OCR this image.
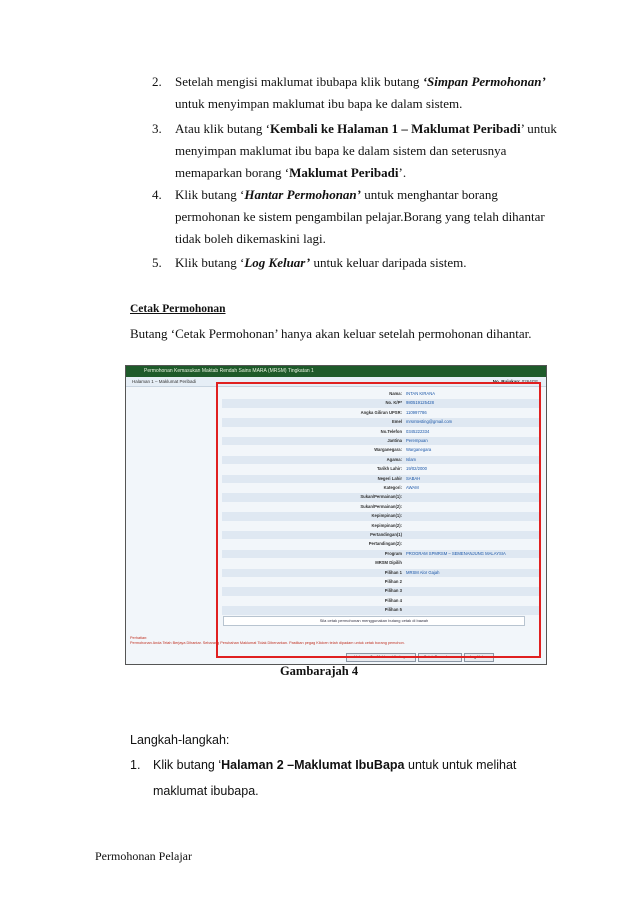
2. Setelah mengisi maklumat ibubapa klik butang ‘Simpan Permohonan’
untuk menyimpan maklumat ibu bapa ke dalam sistem.
3. Atau klik butang ‘Kembali ke Halaman 1 – Maklumat Peribadi’ untuk
menyimpan maklumat ibu bapa ke dalam sistem dan seterusnya
memaparkan borang ‘Maklumat Peribadi’.
4. Klik butang ‘Hantar Permohonan’ untuk menghantar borang
permohonan ke sistem pengambilan pelajar.Borang yang telah dihantar
tidak boleh dikemaskini lagi.
5. Klik butang ‘Log Keluar’ untuk keluar daripada sistem.
Cetak Permohonan
Butang ‘Cetak Permohonan’ hanya akan keluar setelah permohonan dihantar.
Permohonan Kemasukan Maktab Rendah Sains MARA (MRSM) Tingkatan 1
Halaman 1 – Maklumat Peribadi	No. Rujukan: 0264GF
Nama: INTAN KIRANA
No. K/P* 980519125428
Angka Giliran UPSR: 110997786
Emel mrsmtesting@gmail.com
No.Telefon 0345222334
Jantina Perempuan
Warganegara: Warganegara
Agama: Islam
Tarikh Lahir: 19/02/2000
Negeri Lahir SABAH
Kategori: AWAM
Sukan/Permainan(1):
Sukan/Permainan(2):
Kepimpinan(1):
Kepimpinan(2):
Pertandingan(1)
Pertandingan(2):
Program PROGRAM SPMRSM – SEMENANJUNG MALAYSIA
MRSM Dipilih
Pilihan 1 MRSM Alor Gajah
Pilihan 2
Pilihan 3
Pilihan 4
Pilihan 5
Sila cetak permohonan menggunakan butang cetak di bawah
Perhatian:
Permohonan Anda Telah Berjaya Dihantar. Sebarang Perubahan Maklumat Tidak Dibenarkan. Pastikan pegag Klicken telah dipadam untuk cetak borang pemohon.
Halaman 2 – Maklumat Ibubapa	Cetak Permohonan	Log Keluar
Gambarajah 4
Langkah-langkah:
1. Klik butang ‘Halaman 2 –Maklumat IbuBapa untuk untuk melihat
maklumat ibubapa.
Permohonan Pelajar
